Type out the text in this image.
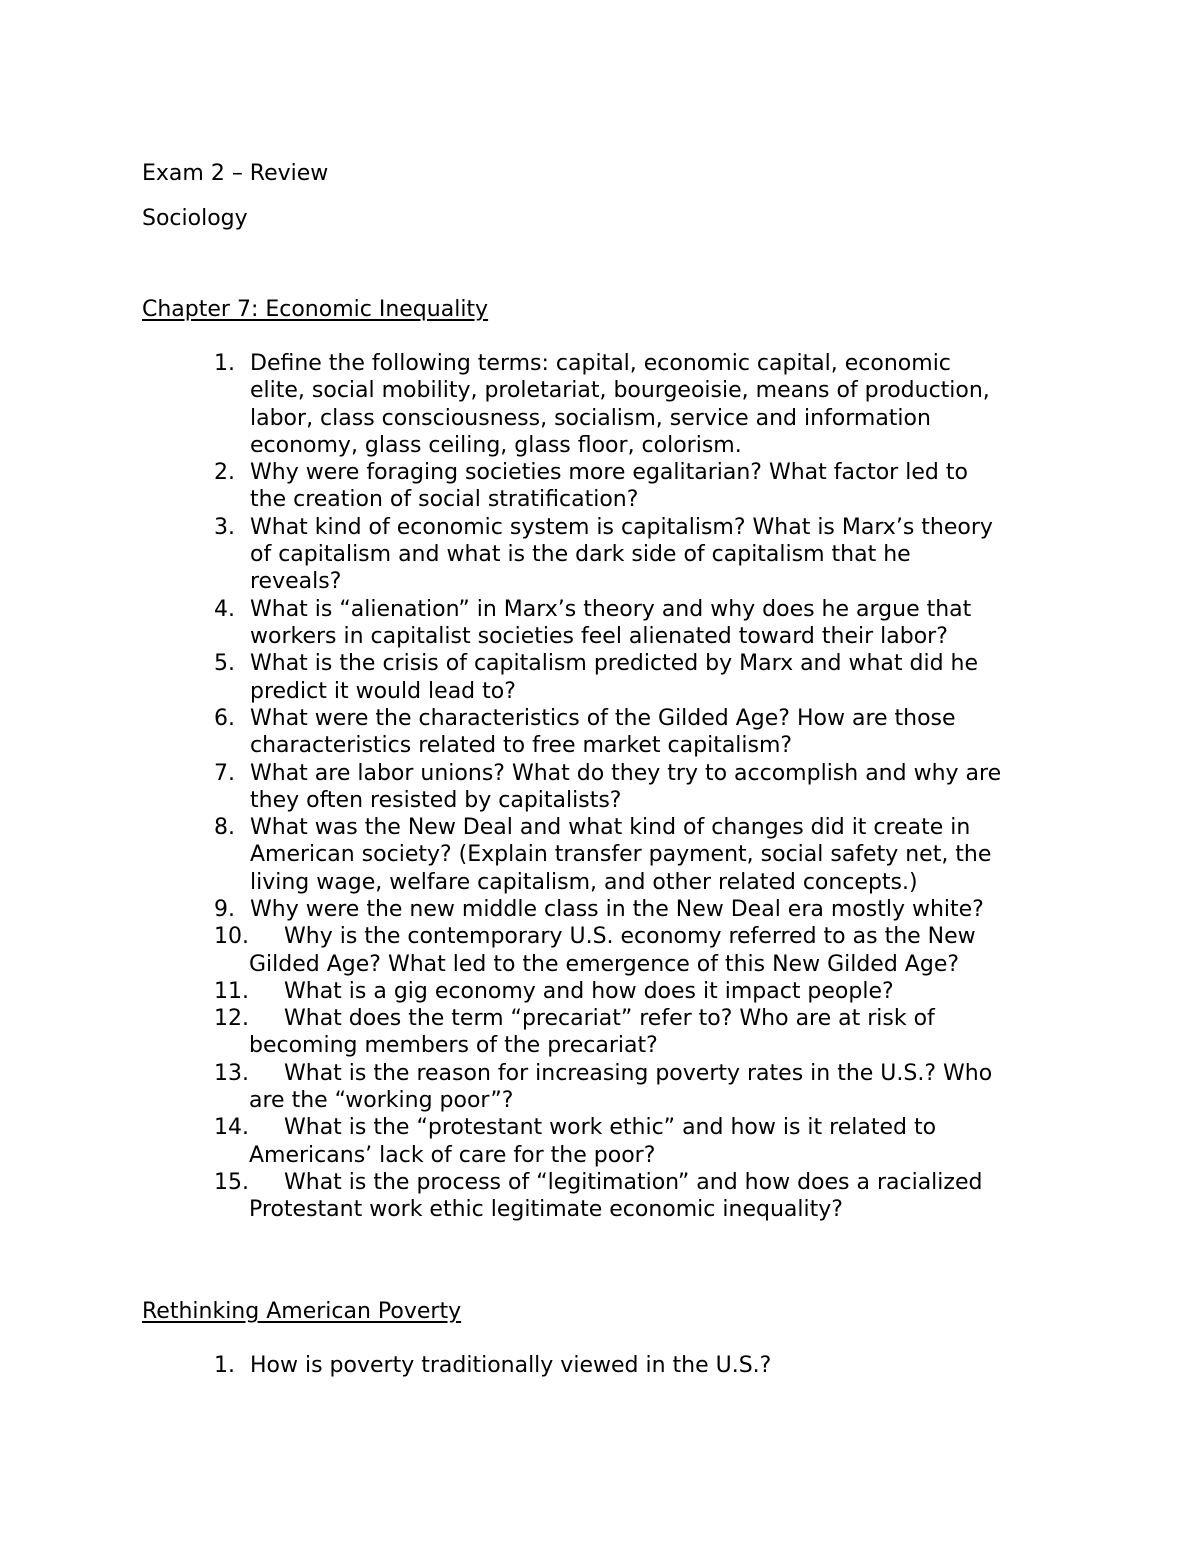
Exam 2 – Review
Sociology
Chapter 7: Economic Inequality
1. Define the following terms: capital, economic capital, economic
elite, social mobility, proletariat, bourgeoisie, means of production,
labor, class consciousness, socialism, service and information
economy, glass ceiling, glass floor, colorism.
2. Why were foraging societies more egalitarian? What factor led to
the creation of social stratification?
3. What kind of economic system is capitalism? What is Marx’s theory
of capitalism and what is the dark side of capitalism that he
reveals?
4. What is “alienation” in Marx’s theory and why does he argue that
workers in capitalist societies feel alienated toward their labor?
5. What is the crisis of capitalism predicted by Marx and what did he
predict it would lead to?
6. What were the characteristics of the Gilded Age? How are those
characteristics related to free market capitalism?
7. What are labor unions? What do they try to accomplish and why are
they often resisted by capitalists?
8. What was the New Deal and what kind of changes did it create in
American society? (Explain transfer payment, social safety net, the
living wage, welfare capitalism, and other related concepts.)
9. Why were the new middle class in the New Deal era mostly white?
10.	Why is the contemporary U.S. economy referred to as the New
Gilded Age? What led to the emergence of this New Gilded Age?
11.	What is a gig economy and how does it impact people?
12.	What does the term “precariat” refer to? Who are at risk of
becoming members of the precariat?
13.	What is the reason for increasing poverty rates in the U.S.? Who
are the “working poor”?
14.	What is the “protestant work ethic” and how is it related to
Americans’ lack of care for the poor?
15.	What is the process of “legitimation” and how does a racialized
Protestant work ethic legitimate economic inequality?
Rethinking American Poverty
1. How is poverty traditionally viewed in the U.S.?
